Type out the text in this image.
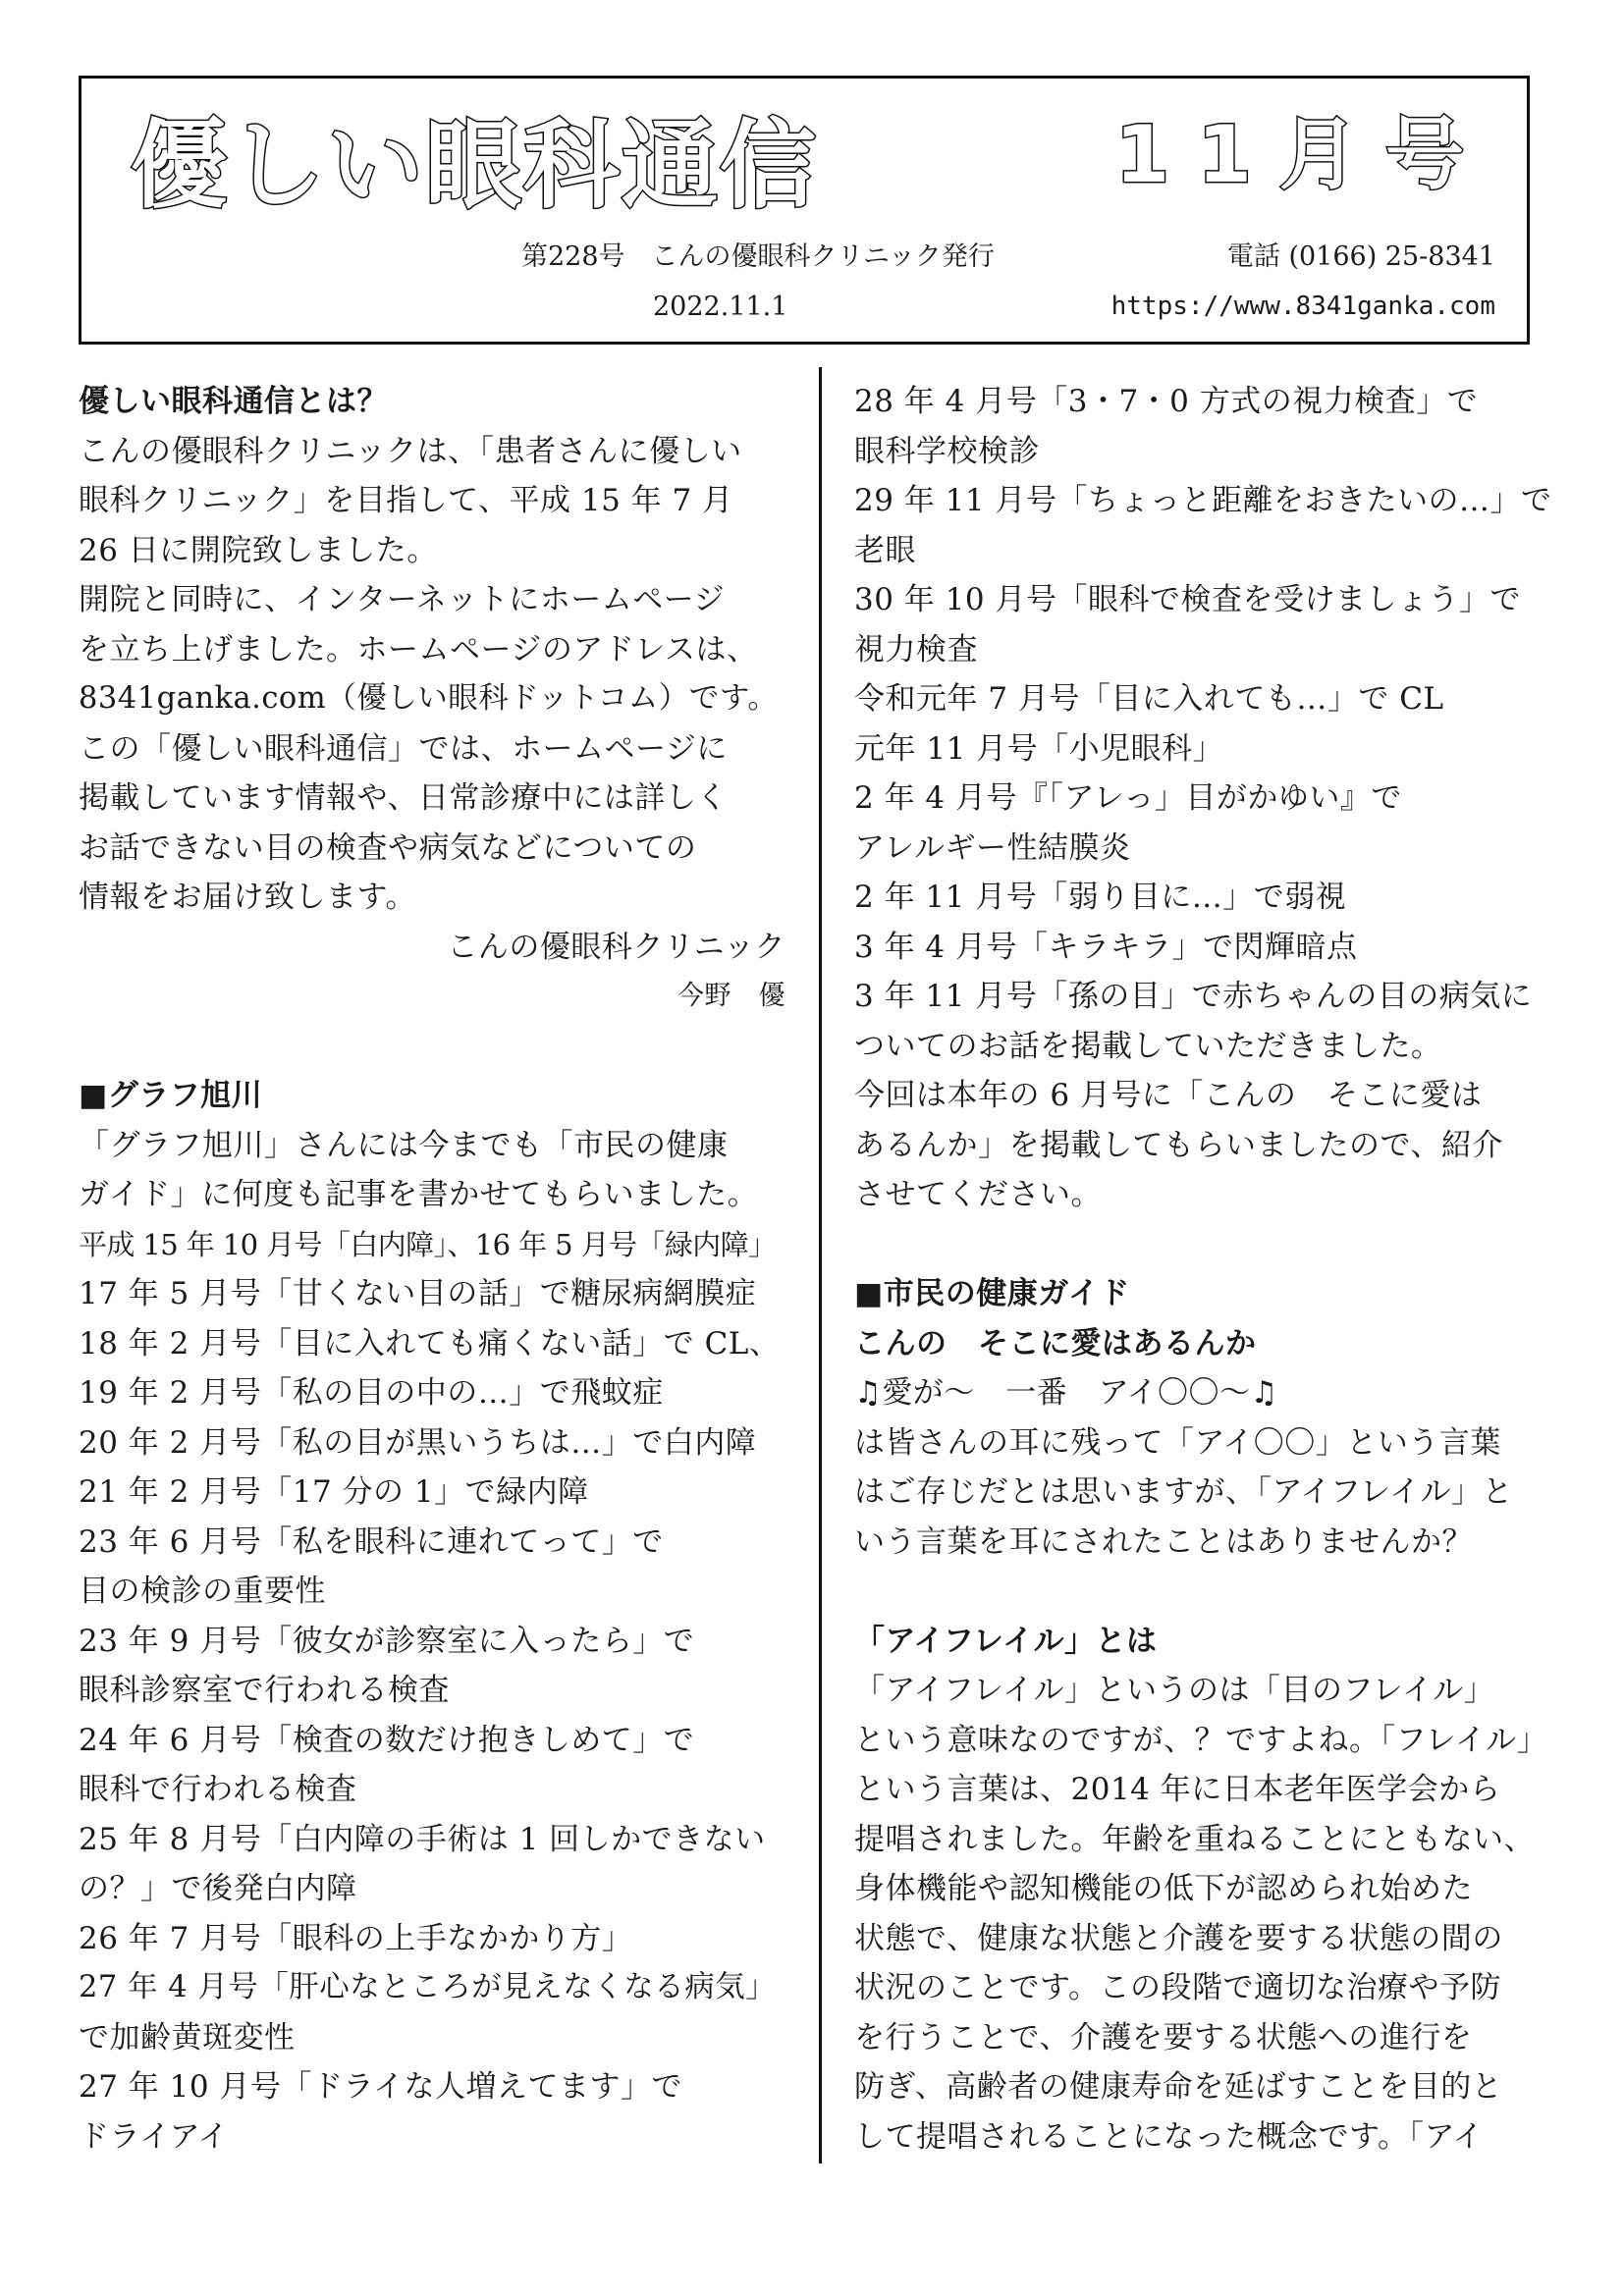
優しい眼科通信	11月号
第228号　こんの優眼科クリニック発行	電話 (0166) 25-8341
2022.11.1	https://www.8341ganka.com
優しい眼科通信とは？
こんの優眼科クリニックは、「患者さんに優しい
眼科クリニック」を目指して、平成 15 年 7 月
26 日に開院致しました。
開院と同時に、インターネットにホームページ
を立ち上げました。ホームページのアドレスは、
8341ganka.com（優しい眼科ドットコム）です。
この「優しい眼科通信」では、ホームページに
掲載しています情報や、日常診療中には詳しく
お話できない目の検査や病気などについての
情報をお届け致します。
こんの優眼科クリニック
今野　優
■グラフ旭川
「グラフ旭川」さんには今までも「市民の健康
ガイド」に何度も記事を書かせてもらいました。
平成 15 年 10 月号「白内障」、16 年 5 月号「緑内障」
17 年 5 月号「甘くない目の話」で糖尿病網膜症
18 年 2 月号「目に入れても痛くない話」で CL、
19 年 2 月号「私の目の中の…」で飛蚊症
20 年 2 月号「私の目が黒いうちは…」で白内障
21 年 2 月号「17 分の 1」で緑内障
23 年 6 月号「私を眼科に連れてって」で
目の検診の重要性
23 年 9 月号「彼女が診察室に入ったら」で
眼科診察室で行われる検査
24 年 6 月号「検査の数だけ抱きしめて」で
眼科で行われる検査
25 年 8 月号「白内障の手術は 1 回しかできない
の？」で後発白内障
26 年 7 月号「眼科の上手なかかり方」
27 年 4 月号「肝心なところが見えなくなる病気」
で加齢黄斑変性
27 年 10 月号「ドライな人増えてます」で
ドライアイ
28 年 4 月号「3・7・0 方式の視力検査」で
眼科学校検診
29 年 11 月号「ちょっと距離をおきたいの…」で
老眼
30 年 10 月号「眼科で検査を受けましょう」で
視力検査
令和元年 7 月号「目に入れても…」で CL
元年 11 月号「小児眼科」
2 年 4 月号『「アレっ」目がかゆい』で
アレルギー性結膜炎
2 年 11 月号「弱り目に…」で弱視
3 年 4 月号「キラキラ」で閃輝暗点
3 年 11 月号「孫の目」で赤ちゃんの目の病気に
ついてのお話を掲載していただきました。
今回は本年の 6 月号に「こんの　そこに愛は
あるんか」を掲載してもらいましたので、紹介
させてください。
■市民の健康ガイド
こんの　そこに愛はあるんか
♫愛が～　一番　アイ〇〇～♫
は皆さんの耳に残って「アイ〇〇」という言葉
はご存じだとは思いますが、「アイフレイル」と
いう言葉を耳にされたことはありませんか？
「アイフレイル」とは
「アイフレイル」というのは「目のフレイル」
という意味なのですが、？ですよね。「フレイル」
という言葉は、2014 年に日本老年医学会から
提唱されました。年齢を重ねることにともない、
身体機能や認知機能の低下が認められ始めた
状態で、健康な状態と介護を要する状態の間の
状況のことです。この段階で適切な治療や予防
を行うことで、介護を要する状態への進行を
防ぎ、高齢者の健康寿命を延ばすことを目的と
して提唱されることになった概念です。「アイ
